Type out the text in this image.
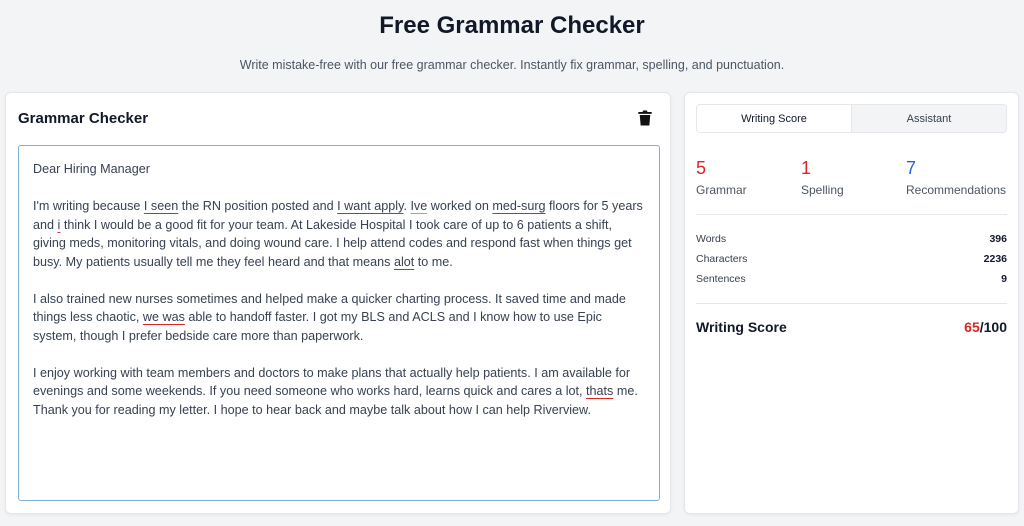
Free Grammar Checker
Write mistake-free with our free grammar checker. Instantly fix grammar, spelling, and punctuation.
Grammar Checker

Dear Hiring Manager

I'm writing because I seen the RN position posted and I want apply. Ive worked on med-surg floors for 5 years and i think I would be a good fit for your team. At Lakeside Hospital I took care of up to 6 patients a shift, giving meds, monitoring vitals, and doing wound care. I help attend codes and respond fast when things get busy. My patients usually tell me they feel heard and that means alot to me.

I also trained new nurses sometimes and helped make a quicker charting process. It saved time and made things less chaotic, we was able to handoff faster. I got my BLS and ACLS and I know how to use Epic system, though I prefer bedside care more than paperwork.

I enjoy working with team members and doctors to make plans that actually help patients. I am available for evenings and some weekends. If you need someone who works hard, learns quick and cares a lot, thats me. Thank you for reading my letter. I hope to hear back and maybe talk about how I can help Riverview.

Writing Score	Assistant
5
Grammar
1
Spelling
7
Recommendations
Words	396
Characters	2236
Sentences	9
Writing Score	65/100
